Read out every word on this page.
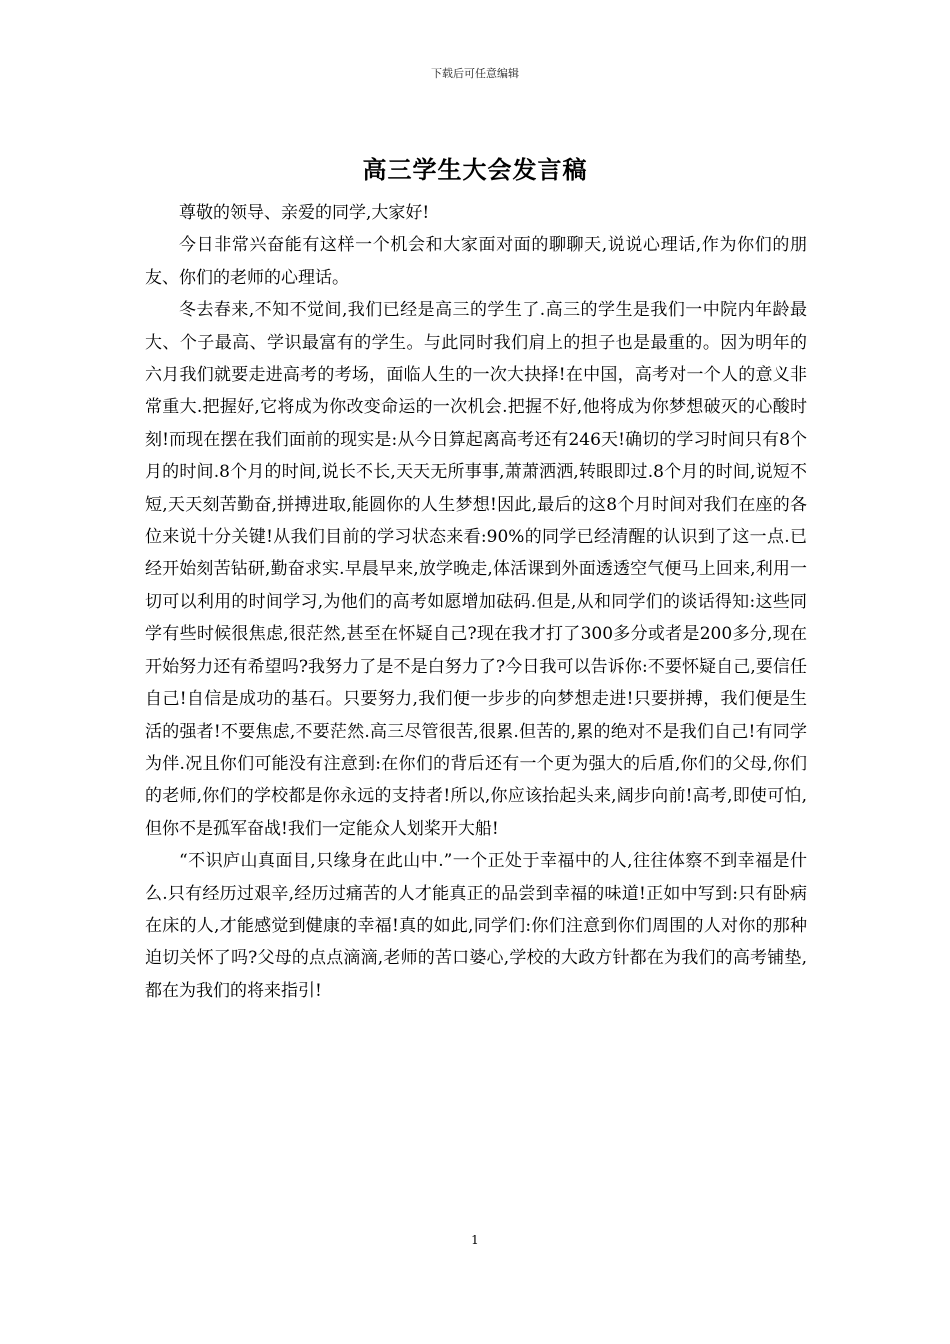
下载后可任意编辑
高三学生大会发言稿

尊敬的领导、亲爱的同学,大家好!

今日非常兴奋能有这样一个机会和大家面对面的聊聊天,说说心理话,作为你们的朋友、你们的老师的心理话。

冬去春来,不知不觉间,我们已经是高三的学生了.高三的学生是我们一中院内年龄最大、个子最高、学识最富有的学生。与此同时我们肩上的担子也是最重的。因为明年的六月我们就要走进高考的考场，面临人生的一次大抉择!在中国，高考对一个人的意义非常重大.把握好,它将成为你改变命运的一次机会.把握不好,他将成为你梦想破灭的心酸时刻!而现在摆在我们面前的现实是:从今日算起离高考还有246天!确切的学习时间只有8个月的时间.8个月的时间,说长不长,天天无所事事,萧萧洒洒,转眼即过.8个月的时间,说短不短,天天刻苦勤奋,拼搏进取,能圆你的人生梦想!因此,最后的这8个月时间对我们在座的各位来说十分关键!从我们目前的学习状态来看:90%的同学已经清醒的认识到了这一点.已经开始刻苦钻研,勤奋求实.早晨早来,放学晚走,体活课到外面透透空气便马上回来,利用一切可以利用的时间学习,为他们的高考如愿增加砝码.但是,从和同学们的谈话得知:这些同学有些时候很焦虑,很茫然,甚至在怀疑自己?现在我才打了300多分或者是200多分,现在开始努力还有希望吗?我努力了是不是白努力了?今日我可以告诉你:不要怀疑自己,要信任自己!自信是成功的基石。只要努力,我们便一步步的向梦想走进!只要拼搏，我们便是生活的强者!不要焦虑,不要茫然.高三尽管很苦,很累.但苦的,累的绝对不是我们自己!有同学为伴.况且你们可能没有注意到:在你们的背后还有一个更为强大的后盾,你们的父母,你们的老师,你们的学校都是你永远的支持者!所以,你应该抬起头来,阔步向前!高考,即使可怕,但你不是孤军奋战!我们一定能众人划桨开大船!

“不识庐山真面目,只缘身在此山中.”一个正处于幸福中的人,往往体察不到幸福是什么.只有经历过艰辛,经历过痛苦的人才能真正的品尝到幸福的味道!正如中写到:只有卧病在床的人,才能感觉到健康的幸福!真的如此,同学们:你们注意到你们周围的人对你的那种迫切关怀了吗?父母的点点滴滴,老师的苦口婆心,学校的大政方针都在为我们的高考铺垫,都在为我们的将来指引!

1
